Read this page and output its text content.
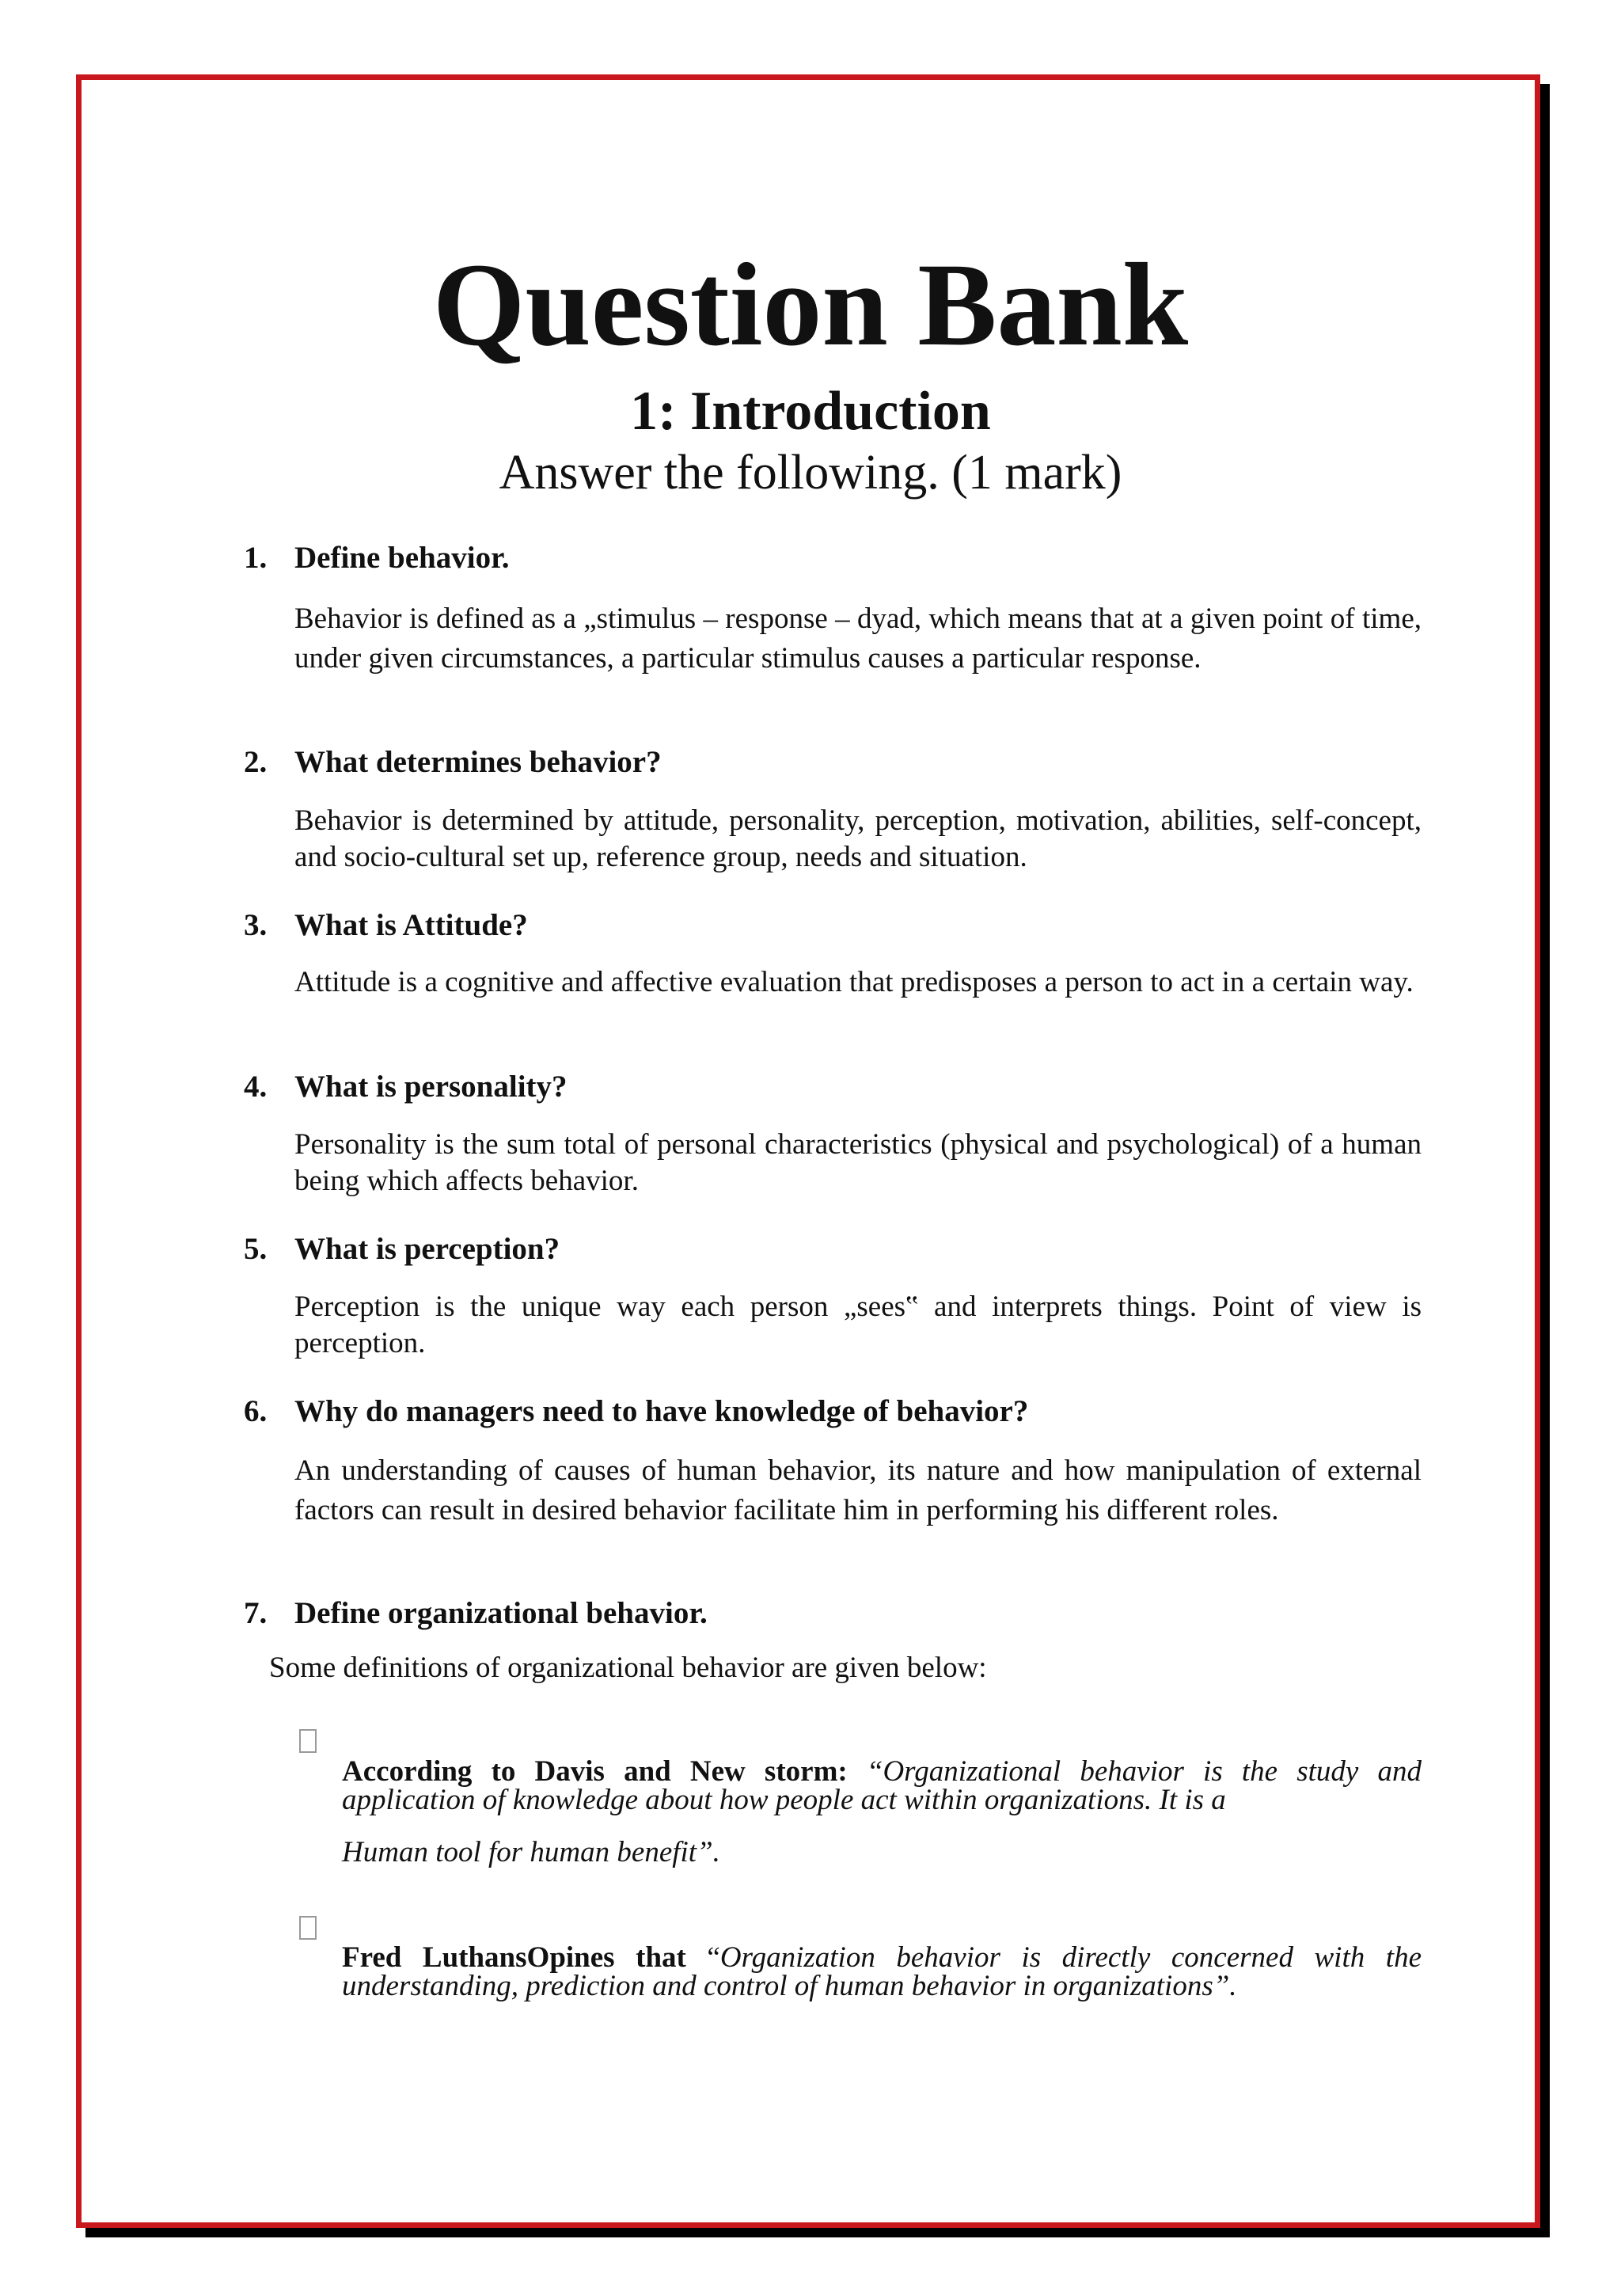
Question Bank
1: Introduction

Answer the following. (1 mark)

1. Define behavior.
Behavior is defined as a „stimulus – response – dyad, which means that at a given point of time, under given circumstances, a particular stimulus causes a particular response.
2. What determines behavior?
Behavior is determined by attitude, personality, perception, motivation, abilities, self-concept, and socio-cultural set up, reference group, needs and situation.
3. What is Attitude?
Attitude is a cognitive and affective evaluation that predisposes a person to act in a certain way.
4. What is personality?
Personality is the sum total of personal characteristics (physical and psychological) of a human being which affects behavior.
5. What is perception?
Perception is the unique way each person „sees‟ and interprets things. Point of view is perception.
6. Why do managers need to have knowledge of behavior?
An understanding of causes of human behavior, its nature and how manipulation of external factors can result in desired behavior facilitate him in performing his different roles.
7. Define organizational behavior.
Some definitions of organizational behavior are given below:
According to Davis and New storm: “Organizational behavior is the study and application of knowledge about how people act within organizations. It is a
Human tool for human benefit”.
Fred LuthansOpines that “Organization behavior is directly concerned with the understanding, prediction and control of human behavior in organizations”.
